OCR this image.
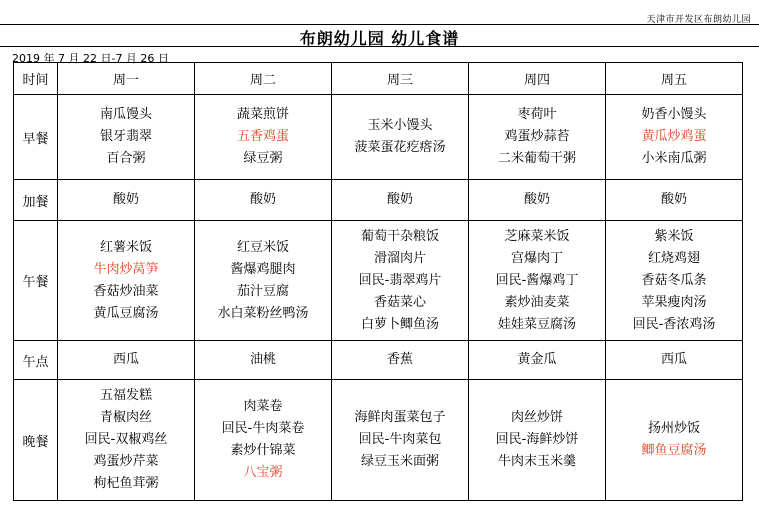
天津市开发区布朗幼儿园
布朗幼儿园 幼儿食谱
2019 年 7 月 22 日-7 月 26 日
时间	周一	周二	周三	周四	周五
早餐	南瓜馒头
银牙翡翠
百合粥	蔬菜煎饼
五香鸡蛋
绿豆粥	玉米小馒头
菠菜蛋花疙瘩汤	枣荷叶
鸡蛋炒蒜苔
二米葡萄干粥	奶香小馒头
黄瓜炒鸡蛋
小米南瓜粥

加餐	酸奶	酸奶	酸奶	酸奶	酸奶

午餐	红薯米饭
牛肉炒莴笋
香菇炒油菜
黄瓜豆腐汤	红豆米饭
酱爆鸡腿肉
茄汁豆腐
水白菜粉丝鸭汤	葡萄干杂粮饭
滑溜肉片
回民-翡翠鸡片
香菇菜心
白萝卜鲫鱼汤	芝麻菜米饭
宫爆肉丁
回民-酱爆鸡丁
素炒油麦菜
娃娃菜豆腐汤	紫米饭
红烧鸡翅
香菇冬瓜条
苹果瘦肉汤
回民-香浓鸡汤

午点	西瓜	油桃	香蕉	黄金瓜	西瓜

晚餐	五福发糕
青椒肉丝
回民-双椒鸡丝
鸡蛋炒芹菜
枸杞鱼茸粥	肉菜卷
回民-牛肉菜卷
素炒什锦菜
八宝粥	海鲜肉蛋菜包子
回民-牛肉菜包
绿豆玉米面粥	肉丝炒饼
回民-海鲜炒饼
牛肉末玉米羹	扬州炒饭
鲫鱼豆腐汤
